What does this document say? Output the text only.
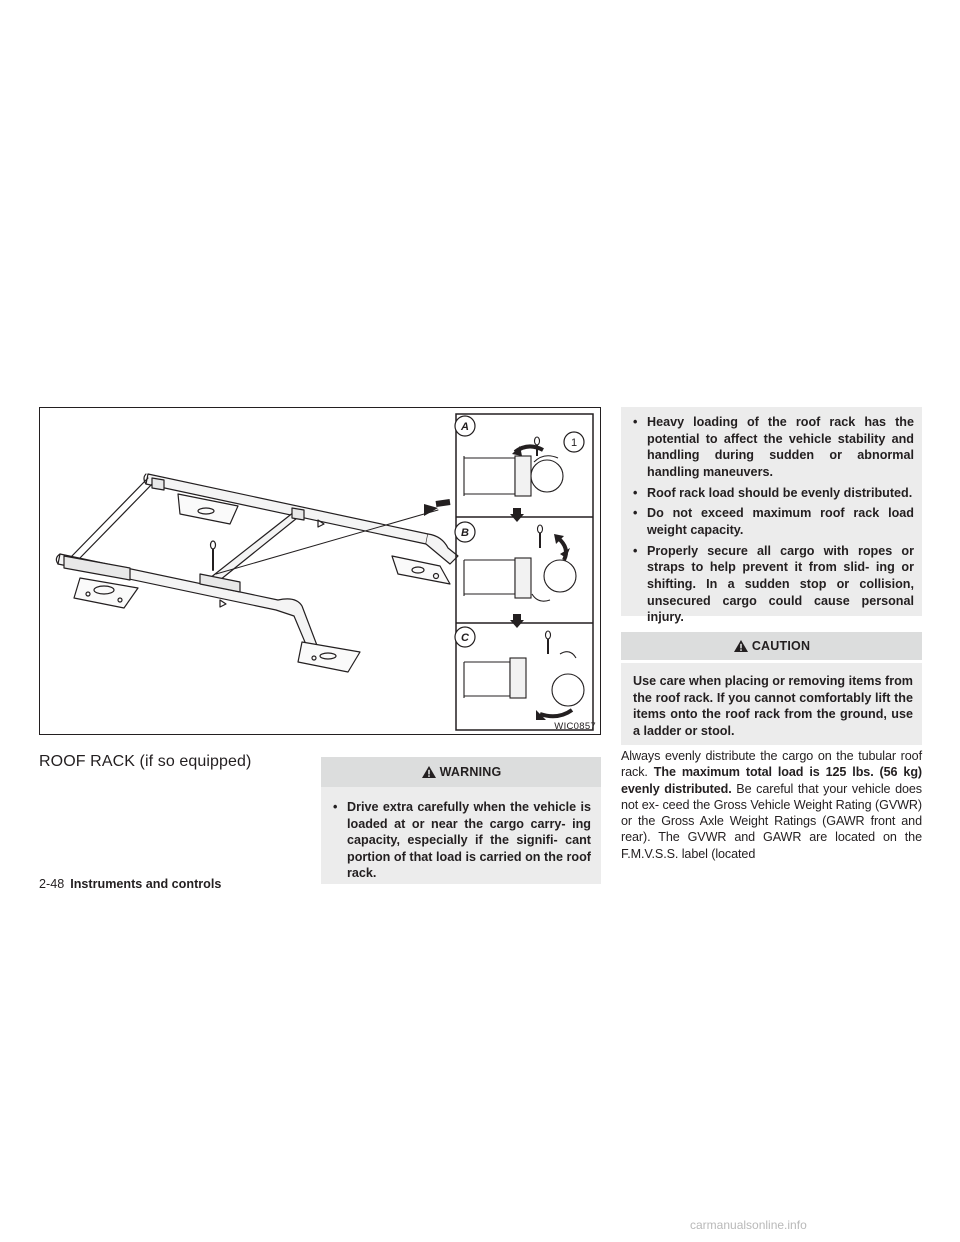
A
B
C
1
WIC0857
ROOF RACK (if so equipped)
WARNING
• Drive extra carefully when the vehicle is loaded at or near the cargo carry- ing capacity, especially if the signifi- cant portion of that load is carried on the roof rack.
• Heavy loading of the roof rack has the potential to affect the vehicle stability and handling during sudden or abnormal handling maneuvers.
• Roof rack load should be evenly distributed.
• Do not exceed maximum roof rack load weight capacity.
• Properly secure all cargo with ropes or straps to help prevent it from slid- ing or shifting. In a sudden stop or collision, unsecured cargo could cause personal injury.
CAUTION
Use care when placing or removing items from the roof rack. If you cannot comfortably lift the items onto the roof rack from the ground, use a ladder or stool.
Always evenly distribute the cargo on the tubular roof rack. The maximum total load is 125 lbs. (56 kg) evenly distributed. Be careful that your vehicle does not ex- ceed the Gross Vehicle Weight Rating (GVWR) or the Gross Axle Weight Ratings (GAWR front and rear). The GVWR and GAWR are located on the F.M.V.S.S. label (located
2-48 Instruments and controls
carmanualsonline.info
